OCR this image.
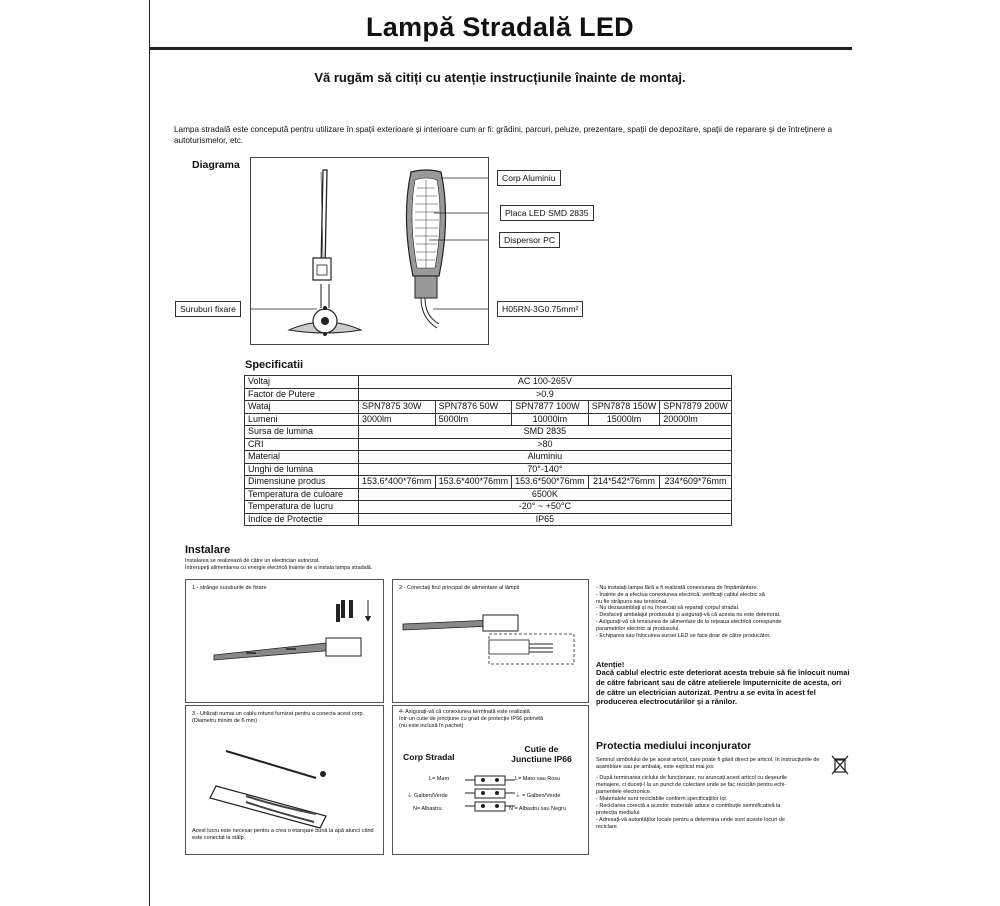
Lampă Stradală LED
Vă rugăm să citiți cu atenție instrucțiunile înainte de montaj.
Lampa stradală este concepută pentru utilizare în spații exterioare și interioare cum ar fi: grădini, parcuri, peluze, prezentare, spații de depozitare, spații de reparare și de întreținere a autoturismelor, etc.
Diagrama
Corp Aluminiu
Placa LED SMD 2835
Dispersor PC
H05RN-3G0.75mm²
Suruburi fixare
Specificatii
Voltaj	AC 100-265V				
Factor de Putere	>0.9				
Wataj	SPN7875 30W	SPN7876 50W	SPN7877 100W	SPN7878 150W	SPN7879 200W
Lumeni	3000lm	5000lm	10000lm	15000lm	20000lm
Sursa de lumina	SMD 2835				
CRI	>80				
Material	Aluminiu				
Unghi de lumina	70°-140°				
Dimensiune produs	153.6*400*76mm	153.6*400*76mm	153.6*500*76mm	214*542*76mm	234*609*76mm
Temperatura de culoare	6500K				
Temperatura de lucru	-20° ~ +50°C				
Indice de Protectie	IP65				
Instalare
Instalarea se realizează de către un electrician autorizat.
Întrerupeți alimentarea cu energie electrică înainte de a instala lampa stradală.
1 - strânge suruburile de fixare	2 - Conectați firul principal de alimentare al lămpii
3 - Utilizați numai un cablu rotund furnizat pentru a conecta acest corp. (Diametru minim de 6 mm)
Acest lucru este necesar pentru a crea o etanșare bună la apă atunci când este conectat la stâlp.
4- Asigurați-vă că conexiunea terminată este realizată
într-un cutie de joncțiune cu grad de protecție IP66 potrivită
(nu este inclusă în pachet)
Corp Stradal
Cutie de
Junctiune IP66
L= Maro
⏚ Galben/Verde
N= Albastru
L= Maro sau Rosu
⏚ = Galben/Verde
N = Albastru sau Negru
- Nu instalați lampa fără a fi realizată conexiunea de împământare.
- Înainte de a efectua conexiunea electrică, verificați cablul electric să
nu fie străpuns sau tensionat.
- Nu dezasamblați și nu încercați să reparați corpul stradal.
- Desfaceți ambalajul produsului și asigurați-vă că acesta nu este deteriorat.
- Asigurați-vă că tensiunea de alimentare de la rețeaua electrică corespunde
parametrilor electrici ai produsului.
- Echiparea sau înlocuirea sursei LED se face doar de către producător.
Atenție!
Dacă cablul electric este deteriorat acesta trebuie să fie înlocuit numai de către fabricant sau de către atelierele împuternicite de acesta, ori de către un electrician autorizat. Pentru a se evita în acest fel producerea electrocutărilor și a rănilor.
Protectia mediului inconjurator
Semnul simbolului de pe acest articol, care poate fi găsit direct pe articol, în instrucțiunile de asamblare sau pe ambalaj, este explicat mai jos:
- După terminarea ciclului de funcționare, nu aruncați acest articol cu deșeurile
menajere, ci duceți-l la un punct de colectare unde se fac reciclări pentru echi-
pamentele electronice.
- Materialele sunt reciclabile conform specificațiilor lor.
- Reciclarea corectă a acestor materiale aduce o contribuție semnificativă la
protecția mediului.
- Adresați-vă autorităților locale pentru a determina unde sunt aceste locuri de
reciclare.
